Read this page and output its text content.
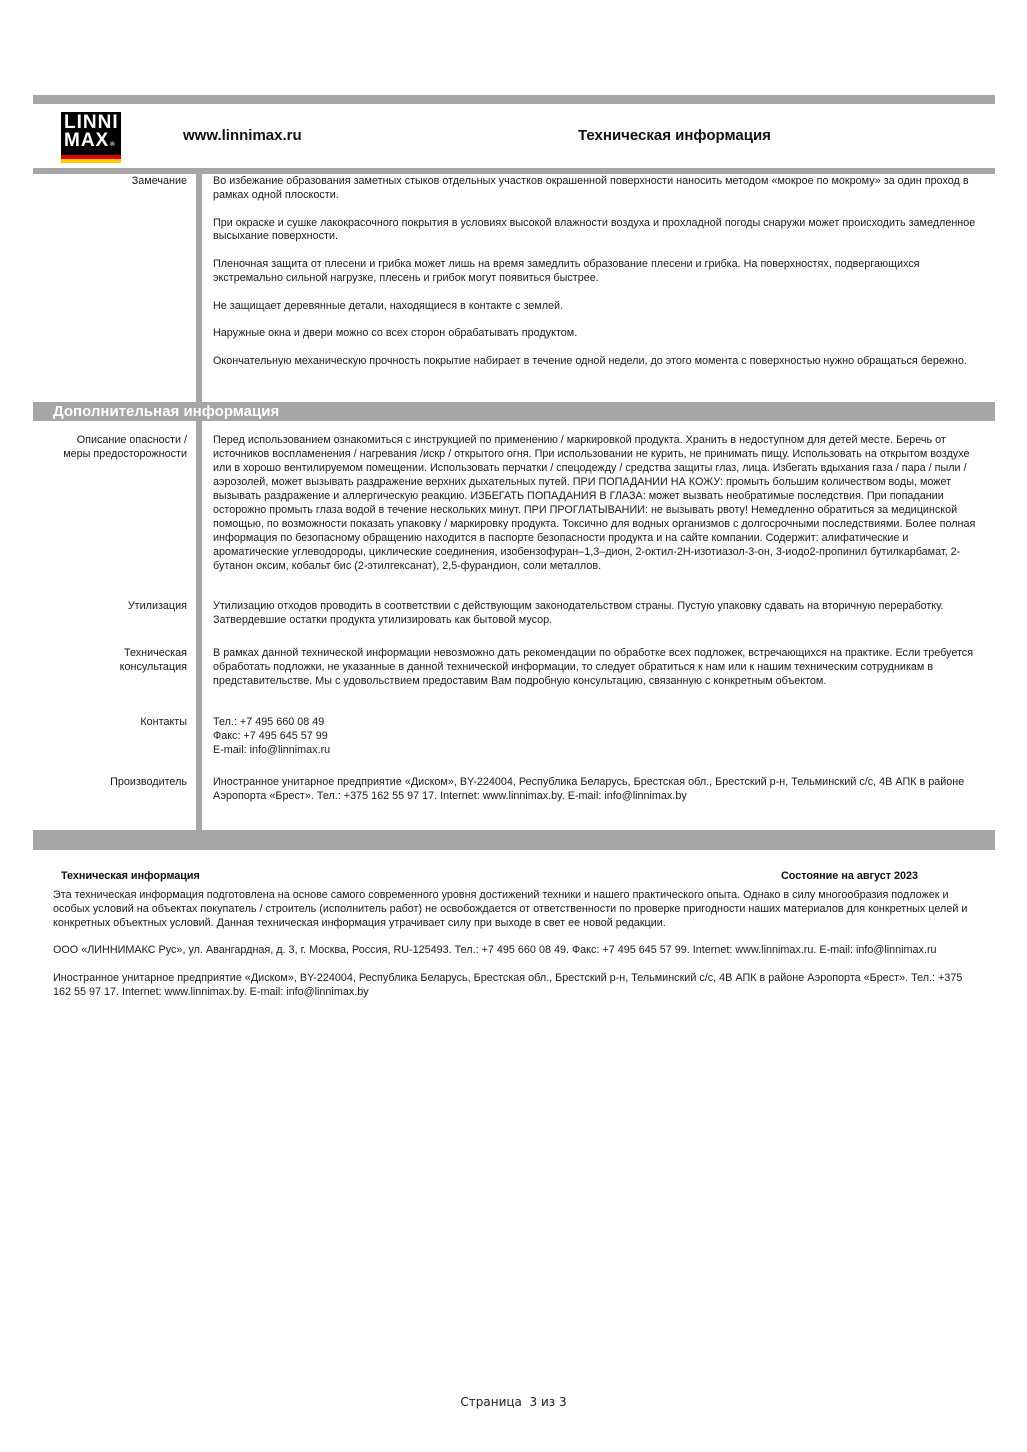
LINNI
MAX®
www.linnimax.ru	Техническая информация
Замечание Во избежание образования заметных стыков отдельных участков окрашенной поверхности наносить методом «мокрое по мокрому» за один проход в
рамках одной плоскости.
При окраске и сушке лакокрасочного покрытия в условиях высокой влажности воздуха и прохладной погоды снаружи может происходить замедленное
высыхание поверхности.
Пленочная защита от плесени и грибка может лишь на время замедлить образование плесени и грибка. На поверхностях, подвергающихся
экстремально сильной нагрузке, плесень и грибок могут появиться быстрее.
Не защищает деревянные детали, находящиеся в контакте с землей.
Наружные окна и двери можно со всех сторон обрабатывать продуктом.
Окончательную механическую прочность покрытие набирает в течение одной недели, до этого момента с поверхностью нужно обращаться бережно.
Дополнительная информация
Описание опасности /
меры предосторожности
Перед использованием ознакомиться с инструкцией по применению / маркировкой продукта. Хранить в недоступном для детей месте. Беречь от
источников воспламенения / нагревания /искр / открытого огня. При использовании не курить, не принимать пищу. Использовать на открытом воздухе
или в хорошо вентилируемом помещении. Использовать перчатки / спецодежду / средства защиты глаз, лица. Избегать вдыхания газа / пара / пыли /
аэрозолей, может вызывать раздражение верхних дыхательных путей. ПРИ ПОПАДАНИИ НА КОЖУ: промыть большим количеством воды, может
вызывать раздражение и аллергическую реакцию. ИЗБЕГАТЬ ПОПАДАНИЯ В ГЛАЗА: может вызвать необратимые последствия. При попадании
осторожно промыть глаза водой в течение нескольких минут. ПРИ ПРОГЛАТЫВАНИИ: не вызывать рвоту! Немедленно обратиться за медицинской
помощью, по возможности показать упаковку / маркировку продукта. Токсично для водных организмов с долгосрочными последствиями. Более полная
информация по безопасному обращению находится в паспорте безопасности продукта и на сайте компании. Содержит: алифатические и
ароматические углеводороды, циклические соединения, изобензофуран–1,3–дион, 2-октил-2Н-изотиазол-3-он, 3-иодо2-пропинил бутилкарбамат, 2-
бутанон оксим, кобальт бис (2-этилгексанат), 2,5-фурандион, соли металлов.
Утилизация Утилизацию отходов проводить в соответствии с действующим законодательством страны. Пустую упаковку сдавать на вторичную переработку.
Затвердевшие остатки продукта утилизировать как бытовой мусор.
Техническая
консультация
В рамках данной технической информации невозможно дать рекомендации по обработке всех подложек, встречающихся на практике. Если требуется
обработать подложки, не указанные в данной технической информации, то следует обратиться к нам или к нашим техническим сотрудникам в
представительстве. Мы с удовольствием предоставим Вам подробную консультацию, связанную с конкретным объектом.
Контакты Тел.: +7 495 660 08 49
Факс: +7 495 645 57 99
E-mail: info@linnimax.ru
Производитель Иностранное унитарное предприятие «Диском», BY-224004, Республика Беларусь, Брестская обл., Брестский р-н, Тельминский с/с, 4В АПК в районе
Аэропорта «Брест». Тел.: +375 162 55 97 17. Internet: www.linnimax.by. E-mail: info@linnimax.by
Техническая информация	Состояние на август 2023
Эта техническая информация подготовлена на основе самого современного уровня достижений техники и нашего практического опыта. Однако в силу многообразия подложек и
особых условий на объектах покупатель / строитель (исполнитель работ) не освобождается от ответственности по проверке пригодности наших материалов для конкретных целей и
конкретных объектных условий. Данная техническая информация утрачивает силу при выходе в свет ее новой редакции.
ООО «ЛИННИМАКС Рус», ул. Авангардная, д. 3, г. Москва, Россия, RU-125493. Тел.: +7 495 660 08 49. Факс: +7 495 645 57 99. Internet: www.linnimax.ru. E-mail: info@linnimax.ru
Иностранное унитарное предприятие «Диском», BY-224004, Республика Беларусь, Брестская обл., Брестский р-н, Тельминский с/с, 4В АПК в районе Аэропорта «Брест». Тел.: +375
162 55 97 17. Internet: www.linnimax.by. E-mail: info@linnimax.by
Страница  3 из 3
